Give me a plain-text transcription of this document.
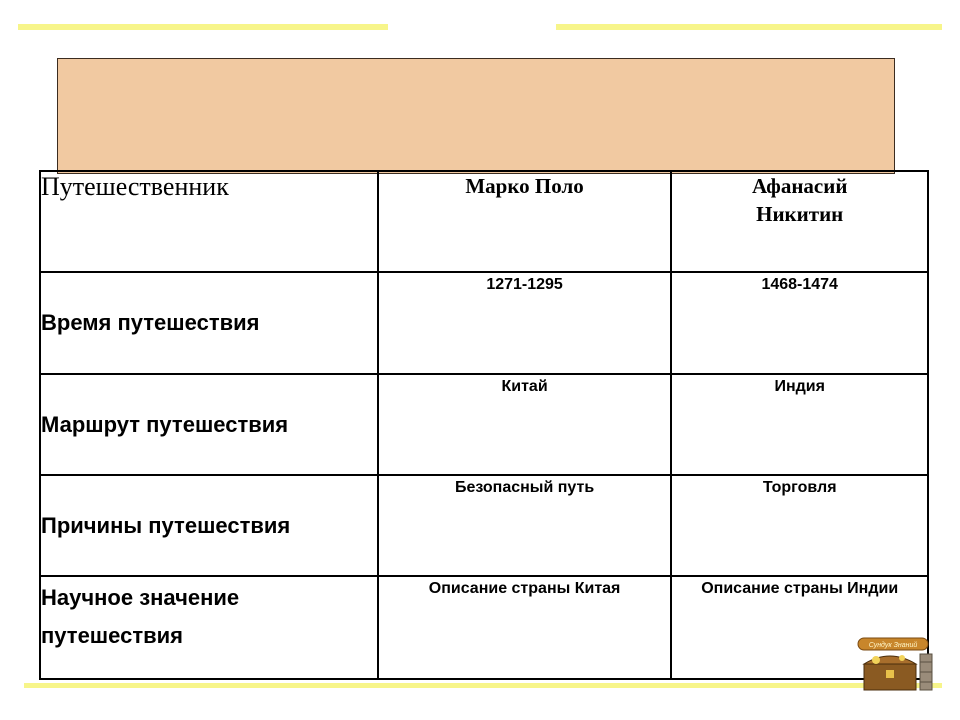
Путешественник	Марко Поло	Афанасий Никитин

Время путешествия	1271-1295	1468-1474
Маршрут путешествия	Китай	Индия
Причины путешествия	Безопасный путь	Торговля

Научное значение путешествия	Описание страны Китая	Описание страны Индии
Сундук Знаний
